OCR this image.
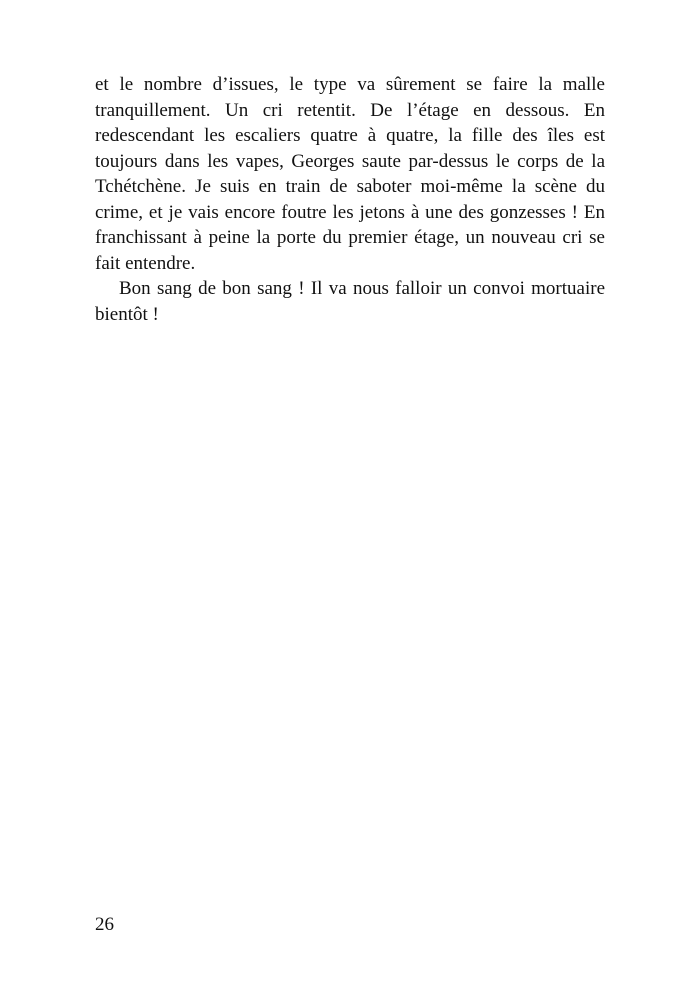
et le nombre d’issues, le type va sûrement se faire la malle tranquillement. Un cri retentit. De l’étage en dessous. En redescendant les escaliers quatre à quatre, la fille des îles est toujours dans les vapes, Georges saute par-dessus le corps de la Tchétchène. Je suis en train de saboter moi-même la scène du crime, et je vais encore foutre les jetons à une des gonzesses ! En franchissant à peine la porte du premier étage, un nouveau cri se fait entendre.

Bon sang de bon sang ! Il va nous falloir un convoi mortuaire bientôt !

26
